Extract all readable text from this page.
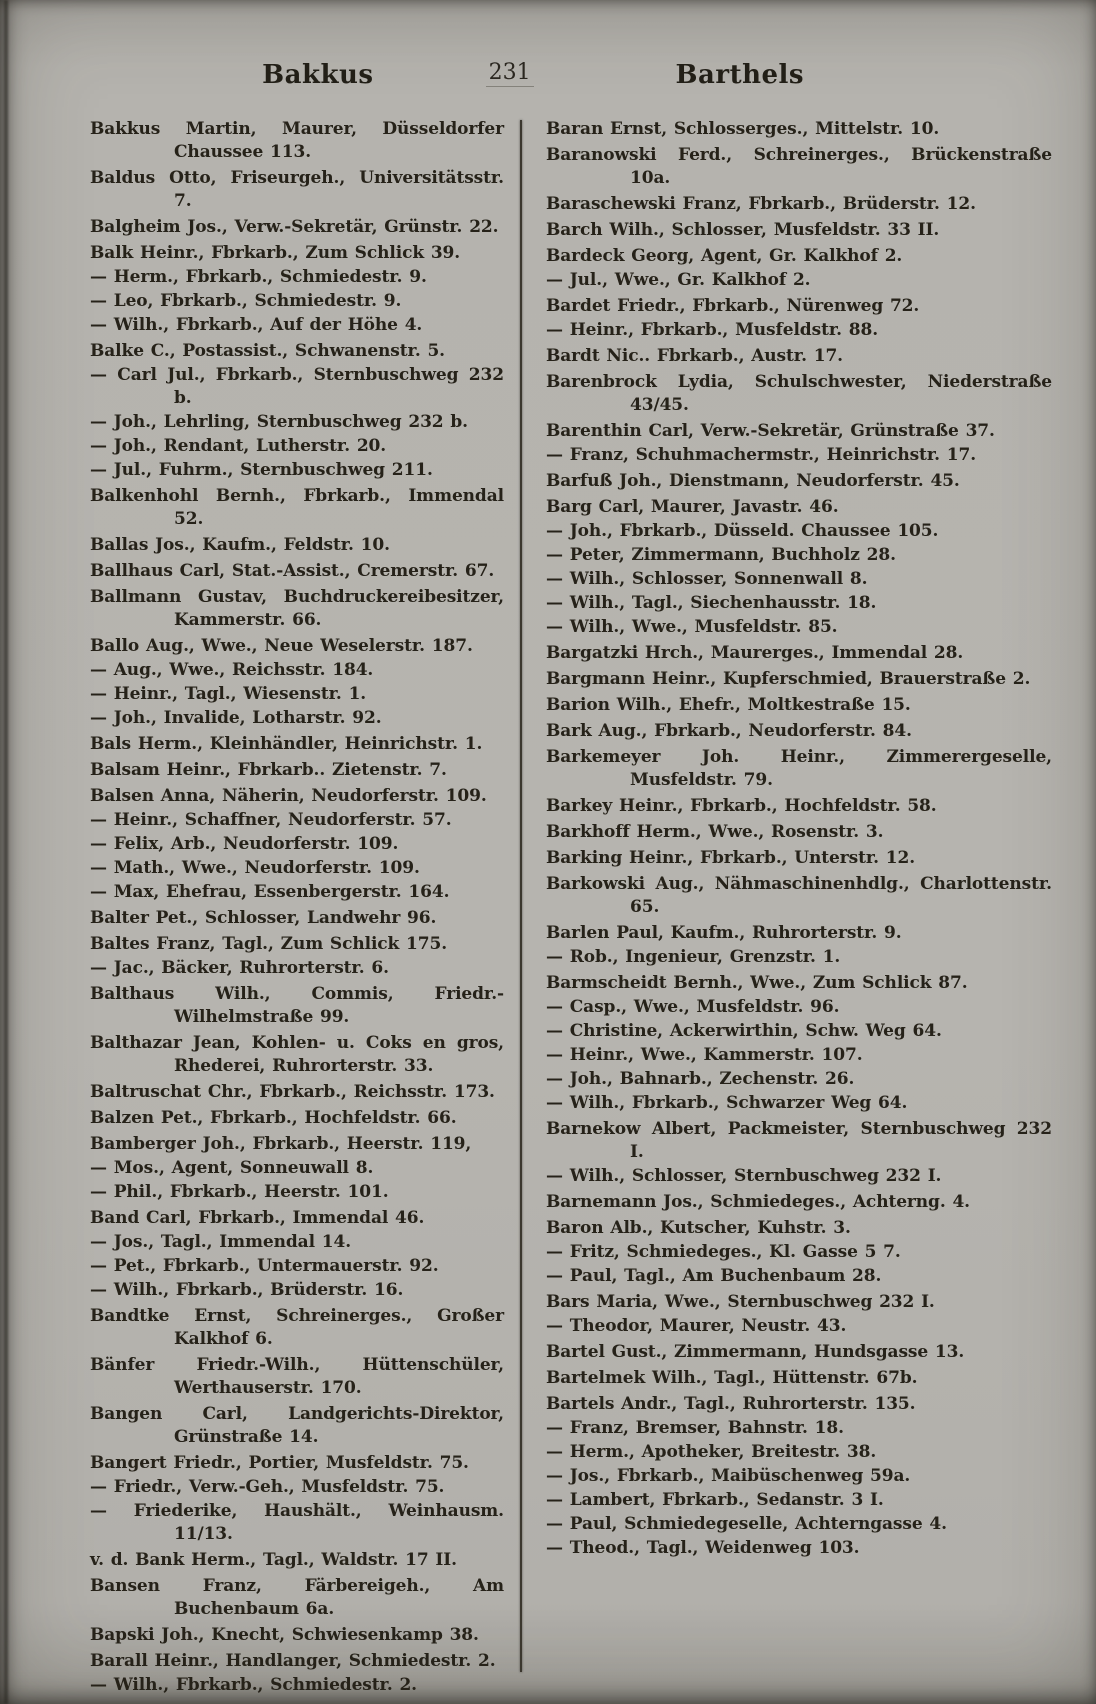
Bakkus	231	Barthels

Bakkus Martin, Maurer, Düsseldorfer Chaussee 113.

Baldus Otto, Friseurgeh., Universitätsstr. 7.

Balgheim Jos., Verw.-Sekretär, Grünstr. 22.

Balk Heinr., Fbrkarb., Zum Schlick 39.

— Herm., Fbrkarb., Schmiedestr. 9.

— Leo, Fbrkarb., Schmiedestr. 9.

— Wilh., Fbrkarb., Auf der Höhe 4.

Balke C., Postassist., Schwanenstr. 5.

— Carl Jul., Fbrkarb., Sternbuschweg 232 b.

— Joh., Lehrling, Sternbuschweg 232 b.

— Joh., Rendant, Lutherstr. 20.

— Jul., Fuhrm., Sternbuschweg 211.

Balkenhohl Bernh., Fbrkarb., Immendal 52.

Ballas Jos., Kaufm., Feldstr. 10.

Ballhaus Carl, Stat.-Assist., Cremerstr. 67.

Ballmann Gustav, Buchdruckereibesitzer, Kammerstr. 66.

Ballo Aug., Wwe., Neue Weselerstr. 187.

— Aug., Wwe., Reichsstr. 184.

— Heinr., Tagl., Wiesenstr. 1.

— Joh., Invalide, Lotharstr. 92.

Bals Herm., Kleinhändler, Heinrichstr. 1.

Balsam Heinr., Fbrkarb.. Zietenstr. 7.

Balsen Anna, Näherin, Neudorferstr. 109.

— Heinr., Schaffner, Neudorferstr. 57.

— Felix, Arb., Neudorferstr. 109.

— Math., Wwe., Neudorferstr. 109.

— Max, Ehefrau, Essenbergerstr. 164.

Balter Pet., Schlosser, Landwehr 96.

Baltes Franz, Tagl., Zum Schlick 175.

— Jac., Bäcker, Ruhrorterstr. 6.

Balthaus Wilh., Commis, Friedr.-Wilhelmstraße 99.

Balthazar Jean, Kohlen- u. Coks en gros, Rhederei, Ruhrorterstr. 33.

Baltruschat Chr., Fbrkarb., Reichsstr. 173.

Balzen Pet., Fbrkarb., Hochfeldstr. 66.

Bamberger Joh., Fbrkarb., Heerstr. 119,

— Mos., Agent, Sonneuwall 8.

— Phil., Fbrkarb., Heerstr. 101.

Band Carl, Fbrkarb., Immendal 46.

— Jos., Tagl., Immendal 14.

— Pet., Fbrkarb., Untermauerstr. 92.

— Wilh., Fbrkarb., Brüderstr. 16.

Bandtke Ernst, Schreinerges., Großer Kalkhof 6.

Bänfer Friedr.-Wilh., Hüttenschüler, Werthauserstr. 170.

Bangen Carl, Landgerichts-Direktor, Grünstraße 14.

Bangert Friedr., Portier, Musfeldstr. 75.

— Friedr., Verw.-Geh., Musfeldstr. 75.

— Friederike, Haushält., Weinhausm. 11/13.

v. d. Bank Herm., Tagl., Waldstr. 17 II.

Bansen Franz, Färbereigeh., Am Buchenbaum 6a.

Bapski Joh., Knecht, Schwiesenkamp 38.

Barall Heinr., Handlanger, Schmiedestr. 2.

— Wilh., Fbrkarb., Schmiedestr. 2.

Baran Ernst, Schlosserges., Mittelstr. 10.

Baranowski Ferd., Schreinerges., Brückenstraße 10a.

Baraschewski Franz, Fbrkarb., Brüderstr. 12.

Barch Wilh., Schlosser, Musfeldstr. 33 II.

Bardeck Georg, Agent, Gr. Kalkhof 2.

— Jul., Wwe., Gr. Kalkhof 2.

Bardet Friedr., Fbrkarb., Nürenweg 72.

— Heinr., Fbrkarb., Musfeldstr. 88.

Bardt Nic.. Fbrkarb., Austr. 17.

Barenbrock Lydia, Schulschwester, Niederstraße 43/45.

Barenthin Carl, Verw.-Sekretär, Grünstraße 37.

— Franz, Schuhmachermstr., Heinrichstr. 17.

Barfuß Joh., Dienstmann, Neudorferstr. 45.

Barg Carl, Maurer, Javastr. 46.

— Joh., Fbrkarb., Düsseld. Chaussee 105.

— Peter, Zimmermann, Buchholz 28.

— Wilh., Schlosser, Sonnenwall 8.

— Wilh., Tagl., Siechenhausstr. 18.

— Wilh., Wwe., Musfeldstr. 85.

Bargatzki Hrch., Maurerges., Immendal 28.

Bargmann Heinr., Kupferschmied, Brauerstraße 2.

Barion Wilh., Ehefr., Moltkestraße 15.

Bark Aug., Fbrkarb., Neudorferstr. 84.

Barkemeyer Joh. Heinr., Zimmerergeselle, Musfeldstr. 79.

Barkey Heinr., Fbrkarb., Hochfeldstr. 58.

Barkhoff Herm., Wwe., Rosenstr. 3.

Barking Heinr., Fbrkarb., Unterstr. 12.

Barkowski Aug., Nähmaschinenhdlg., Charlottenstr. 65.

Barlen Paul, Kaufm., Ruhrorterstr. 9.

— Rob., Ingenieur, Grenzstr. 1.

Barmscheidt Bernh., Wwe., Zum Schlick 87.

— Casp., Wwe., Musfeldstr. 96.

— Christine, Ackerwirthin, Schw. Weg 64.

— Heinr., Wwe., Kammerstr. 107.

— Joh., Bahnarb., Zechenstr. 26.

— Wilh., Fbrkarb., Schwarzer Weg 64.

Barnekow Albert, Packmeister, Sternbuschweg 232 I.

— Wilh., Schlosser, Sternbuschweg 232 I.

Barnemann Jos., Schmiedeges., Achterng. 4.

Baron Alb., Kutscher, Kuhstr. 3.

— Fritz, Schmiedeges., Kl. Gasse 5 7.

— Paul, Tagl., Am Buchenbaum 28.

Bars Maria, Wwe., Sternbuschweg 232 I.

— Theodor, Maurer, Neustr. 43.

Bartel Gust., Zimmermann, Hundsgasse 13.

Bartelmek Wilh., Tagl., Hüttenstr. 67b.

Bartels Andr., Tagl., Ruhrorterstr. 135.

— Franz, Bremser, Bahnstr. 18.

— Herm., Apotheker, Breitestr. 38.

— Jos., Fbrkarb., Maibüschenweg 59a.

— Lambert, Fbrkarb., Sedanstr. 3 I.

— Paul, Schmiedegeselle, Achterngasse 4.

— Theod., Tagl., Weidenweg 103.
